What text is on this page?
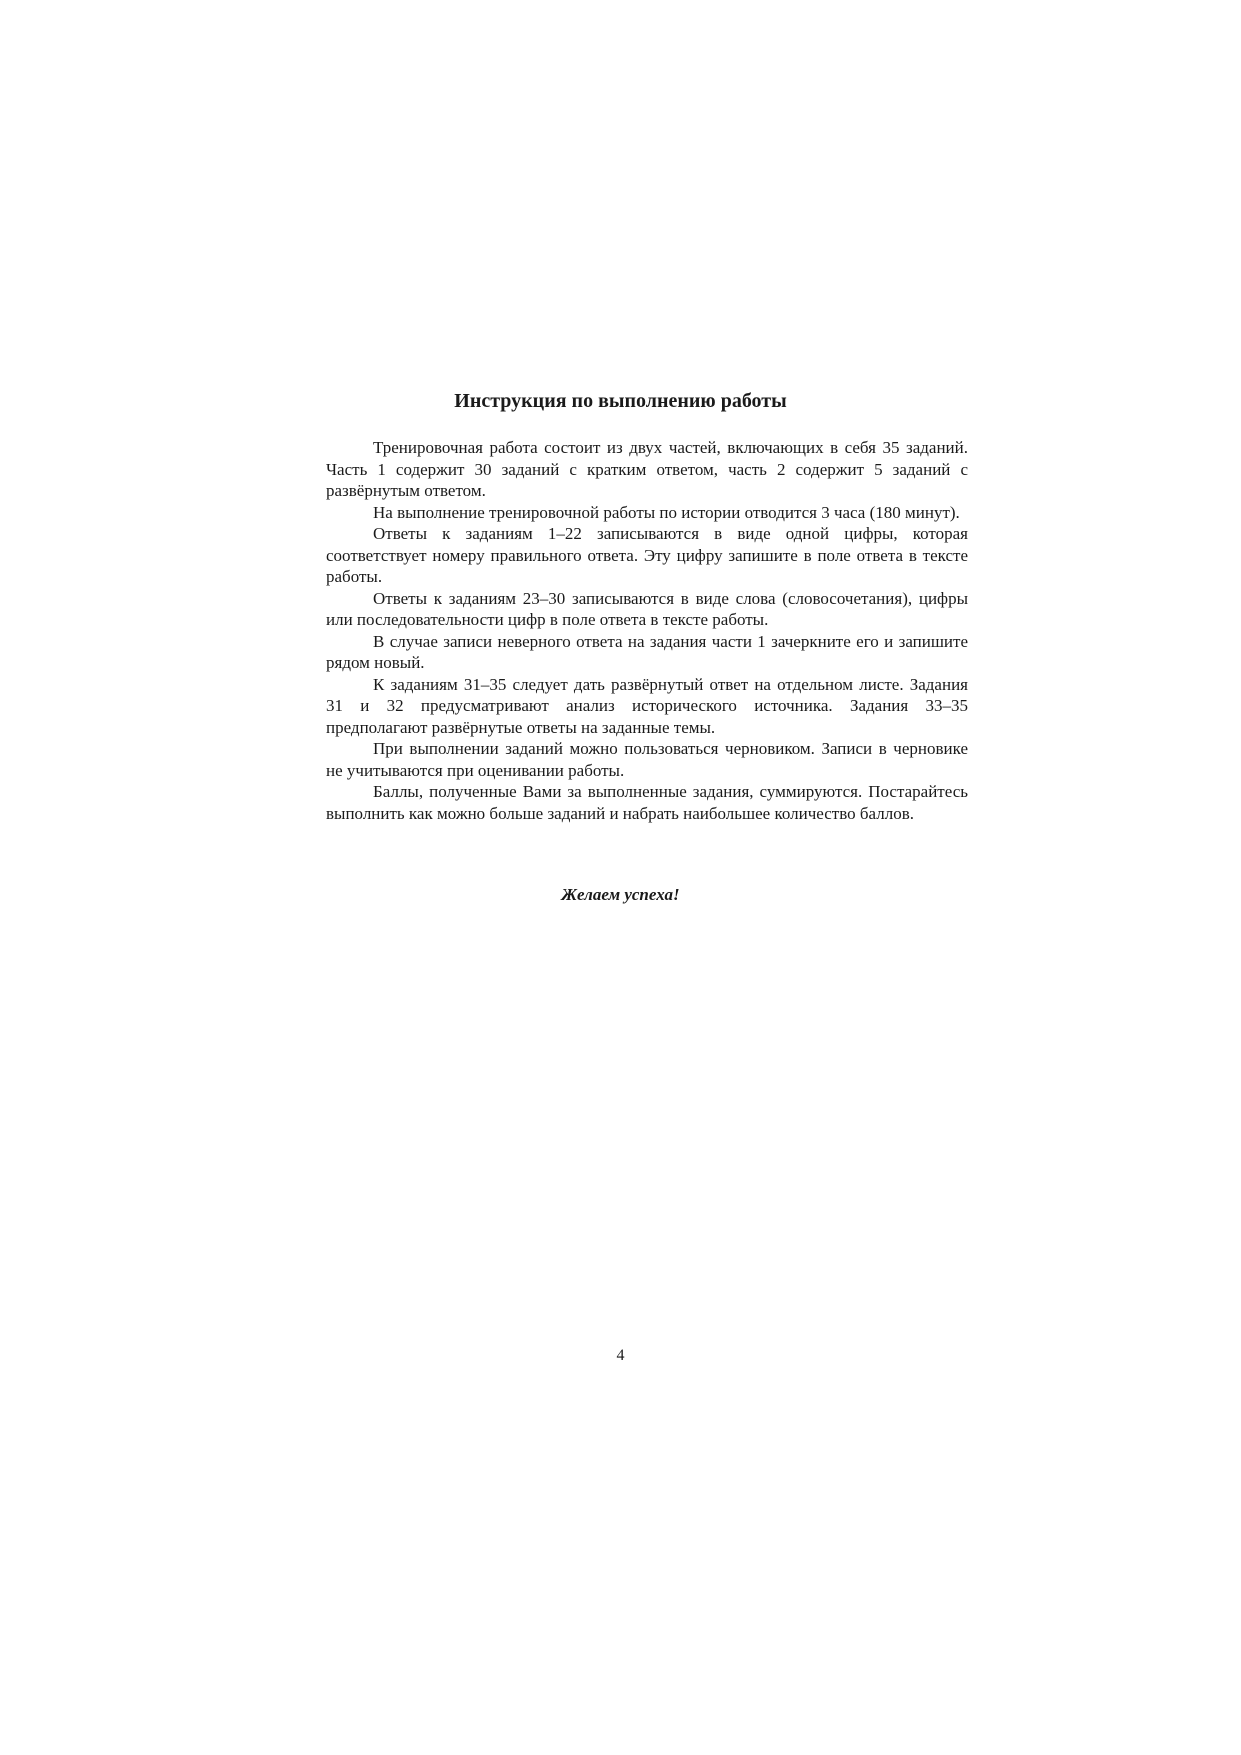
Инструкция по выполнению работы

Тренировочная работа состоит из двух частей, включающих в себя 35 заданий. Часть 1 содержит 30 заданий с кратким ответом, часть 2 содержит 5 заданий с развёрнутым ответом.

На выполнение тренировочной работы по истории отводится 3 часа (180 минут).

Ответы к заданиям 1–22 записываются в виде одной цифры, которая соответствует номеру правильного ответа. Эту цифру запишите в поле ответа в тексте работы.

Ответы к заданиям 23–30 записываются в виде слова (словосочетания), цифры или последовательности цифр в поле ответа в тексте работы.

В случае записи неверного ответа на задания части 1 зачеркните его и запишите рядом новый.

К заданиям 31–35 следует дать развёрнутый ответ на отдельном листе. Задания 31 и 32 предусматривают анализ исторического источника. Задания 33–35 предполагают развёрнутые ответы на заданные темы.

При выполнении заданий можно пользоваться черновиком. Записи в черновике не учитываются при оценивании работы.

Баллы, полученные Вами за выполненные задания, суммируются. Постарайтесь выполнить как можно больше заданий и набрать наибольшее количество баллов.

Желаем успеха!

4
